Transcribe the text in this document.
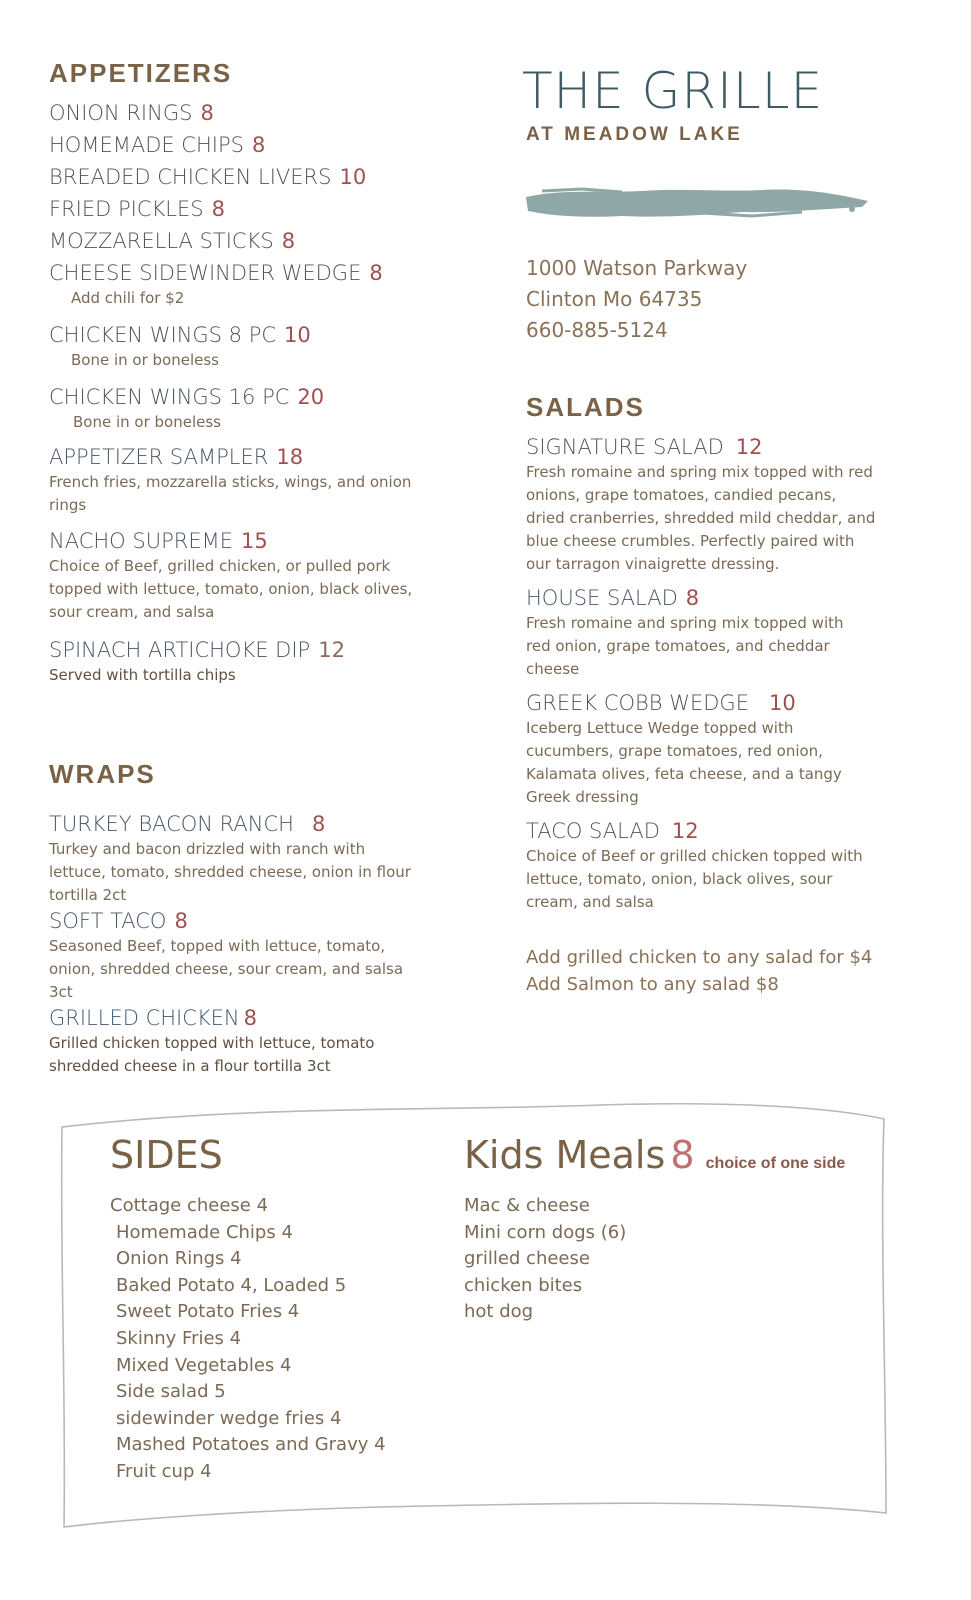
APPETIZERS
ONION RINGS 8
HOMEMADE CHIPS 8
BREADED CHICKEN LIVERS 10
FRIED PICKLES 8
MOZZARELLA STICKS 8
CHEESE SIDEWINDER WEDGE 8
Add chili for $2
CHICKEN WINGS 8 PC 10
Bone in or boneless
CHICKEN WINGS 16 PC 20
Bone in or boneless
APPETIZER SAMPLER 18
French fries, mozzarella sticks, wings, and onion rings
NACHO SUPREME 15
Choice of Beef, grilled chicken, or pulled pork topped with lettuce, tomato, onion, black olives, sour cream, and salsa
SPINACH ARTICHOKE DIP 12
Served with tortilla chips
WRAPS
TURKEY BACON RANCH 8
Turkey and bacon drizzled with ranch with lettuce, tomato, shredded cheese, onion in flour tortilla 2ct
SOFT TACO 8
Seasoned Beef, topped with lettuce, tomato, onion, shredded cheese, sour cream, and salsa 3ct
GRILLED CHICKEN 8
Grilled chicken topped with lettuce, tomato shredded cheese in a flour tortilla 3ct
THE GRILLE
AT MEADOW LAKE
1000 Watson Parkway
Clinton Mo 64735
660-885-5124
SALADS
SIGNATURE SALAD 12
Fresh romaine and spring mix topped with red onions, grape tomatoes, candied pecans, dried cranberries, shredded mild cheddar, and blue cheese crumbles. Perfectly paired with our tarragon vinaigrette dressing.
HOUSE SALAD 8
Fresh romaine and spring mix topped with red onion, grape tomatoes, and cheddar cheese
GREEK COBB WEDGE 10
Iceberg Lettuce Wedge topped with cucumbers, grape tomatoes, red onion, Kalamata olives, feta cheese, and a tangy Greek dressing
TACO SALAD 12
Choice of Beef or grilled chicken topped with lettuce, tomato, onion, black olives, sour cream, and salsa
Add grilled chicken to any salad for $4
Add Salmon to any salad $8
SIDES
Cottage cheese 4
Homemade Chips 4
Onion Rings 4
Baked Potato 4, Loaded 5
Sweet Potato Fries 4
Skinny Fries 4
Mixed Vegetables 4
Side salad 5
sidewinder wedge fries 4
Mashed Potatoes and Gravy 4
Fruit cup 4
Kids Meals 8 choice of one side
Mac & cheese
Mini corn dogs (6)
grilled cheese
chicken bites
hot dog
